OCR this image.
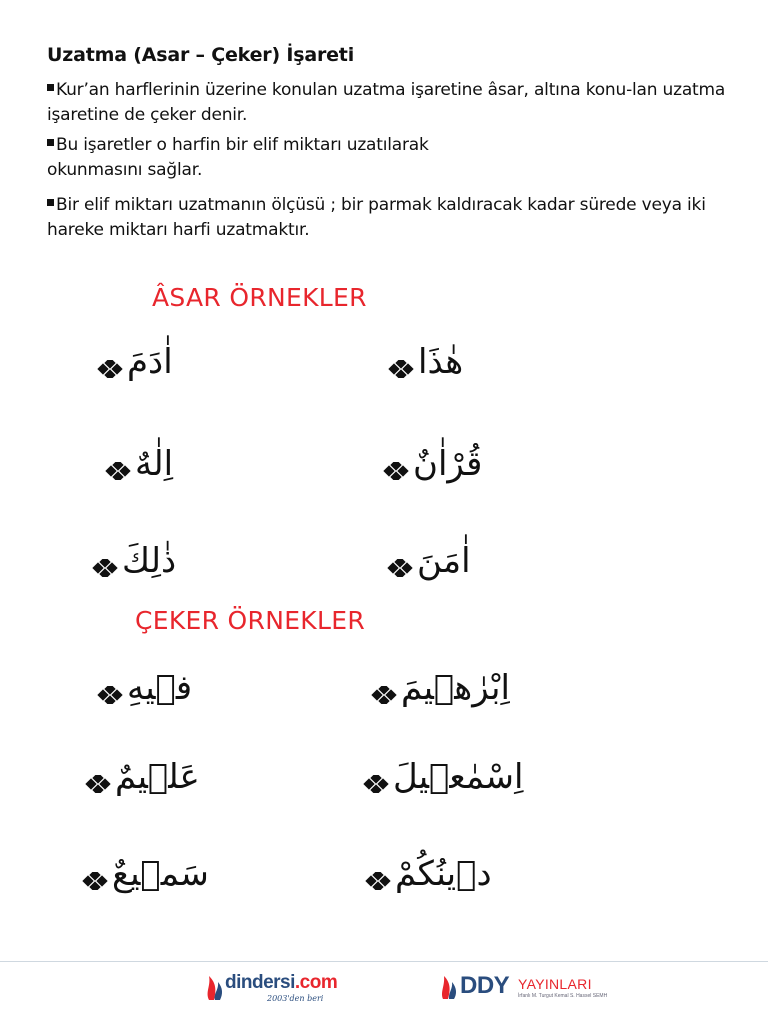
Uzatma (Asar – Çeker) İşareti
Kur’an harflerinin üzerine konulan uzatma işaretine âsar, altına konu-lan uzatma işaretine de çeker denir.
Bu işaretler o harfin bir elif miktarı uzatılarak okunmasını sağlar.
Bir elif miktarı uzatmanın ölçüsü ; bir parmak kaldıracak kadar sürede veya iki hareke miktarı harfi uzatmaktır.
ÂSAR ÖRNEKLER
اٰدَمَ	هٰذَا
اِلٰهٌ	قُرْاٰنٌ
ذٰلِكَ	اٰمَنَ
ÇEKER ÖRNEKLER
فٖيهِ	اِبْرٰهٖيمَ
عَلٖيمٌ	اِسْمٰعٖيلَ
سَمٖيعٌ	دٖينُكُمْ
dindersi.com
2003'den beri	DDY YAYINLARI
İrfanlı M. Turgut Kemal S. Hassel SEMH
